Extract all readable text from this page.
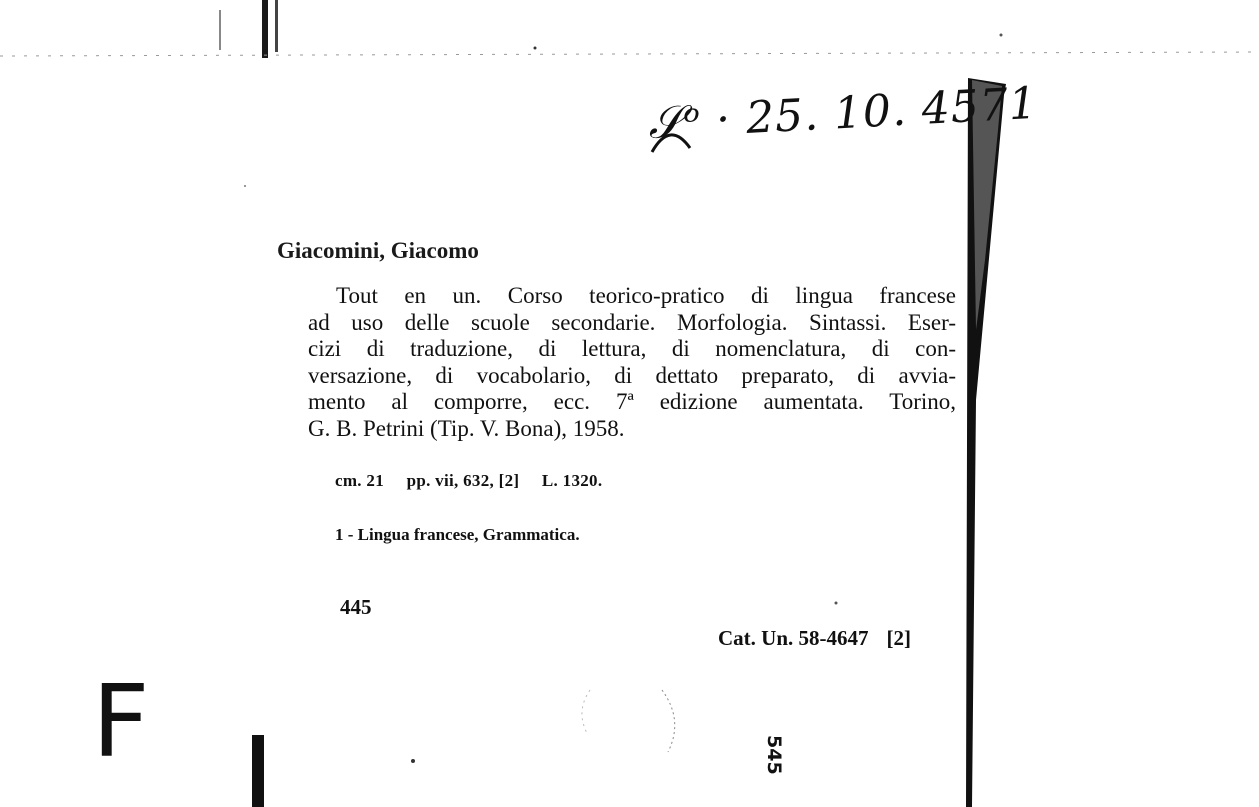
𝒮ᵒ · 25. 10. 4571
Giacomini, Giacomo
Tout en un. Corso teorico-pratico di lingua francese
ad uso delle scuole secondarie. Morfologia. Sintassi. Eser-
cizi di traduzione, di lettura, di nomenclatura, di con-
versazione, di vocabolario, di dettato preparato, di avvia-
mento al comporre, ecc. 7ª edizione aumentata. Torino,
G. B. Petrini (Tip. V. Bona), 1958.
cm. 21 pp. vii, 632, [2] L. 1320.
1 - Lingua francese, Grammatica.
445
Cat. Un. 58-4647 [2]
F	545
